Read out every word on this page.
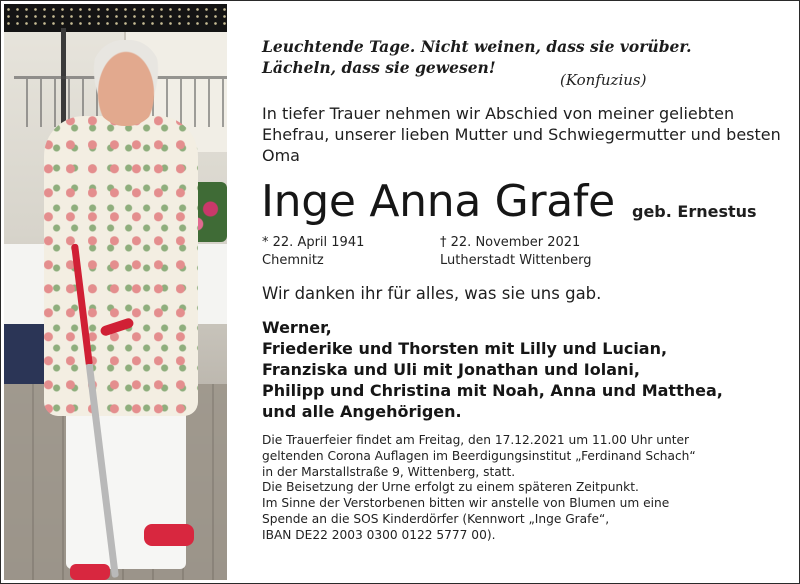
Leuchtende Tage. Nicht weinen, dass sie vorüber.
Lächeln, dass sie gewesen!
(Konfuzius)
In tiefer Trauer nehmen wir Abschied von meiner geliebten Ehefrau, unserer lieben Mutter und Schwiegermutter und besten Oma
Inge Anna Grafe geb. Ernestus
* 22. April 1941
Chemnitz
† 22. November 2021
Lutherstadt Wittenberg
Wir danken ihr für alles, was sie uns gab.
Werner,
Friederike und Thorsten mit Lilly und Lucian,
Franziska und Uli mit Jonathan und Iolani,
Philipp und Christina mit Noah, Anna und Matthea,
und alle Angehörigen.

Die Trauerfeier findet am Freitag, den 17.12.2021 um 11.00 Uhr unter

geltenden Corona Auflagen im Beerdigungsinstitut „Ferdinand Schach“

in der Marstallstraße 9, Wittenberg, statt.

Die Beisetzung der Urne erfolgt zu einem späteren Zeitpunkt.

Im Sinne der Verstorbenen bitten wir anstelle von Blumen um eine

Spende an die SOS Kinderdörfer (Kennwort „Inge Grafe“,

IBAN DE22 2003 0300 0122 5777 00).
